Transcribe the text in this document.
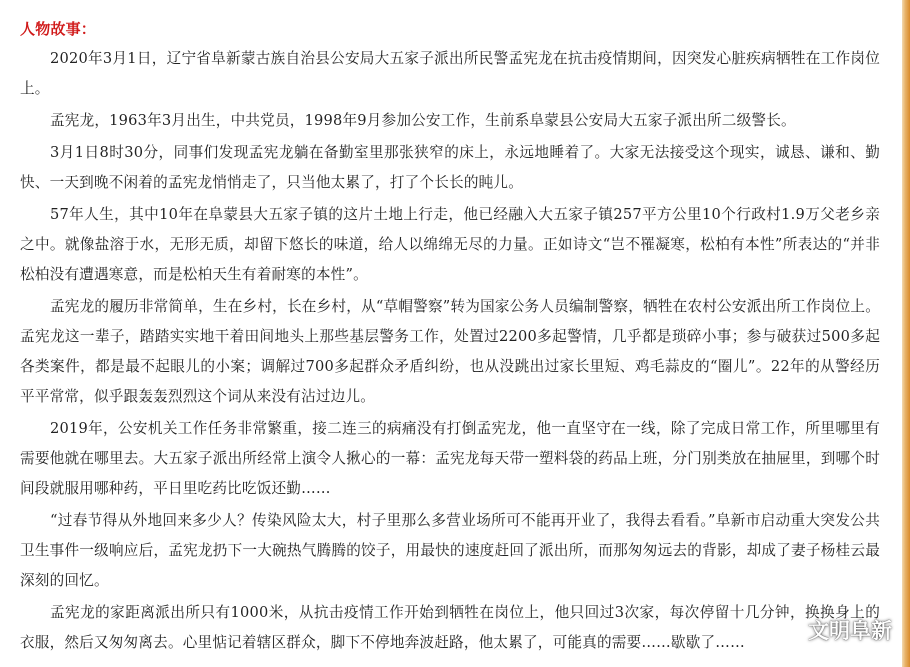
人物故事：

2020年3月1日，辽宁省阜新蒙古族自治县公安局大五家子派出所民警孟宪龙在抗击疫情期间，因突发心脏疾病牺牲在工作岗位上。

孟宪龙，1963年3月出生，中共党员，1998年9月参加公安工作，生前系阜蒙县公安局大五家子派出所二级警长。

3月1日8时30分，同事们发现孟宪龙躺在备勤室里那张狭窄的床上，永远地睡着了。大家无法接受这个现实，诚恳、谦和、勤快、一天到晚不闲着的孟宪龙悄悄走了，只当他太累了，打了个长长的盹儿。

57年人生，其中10年在阜蒙县大五家子镇的这片土地上行走，他已经融入大五家子镇257平方公里10个行政村1.9万父老乡亲之中。就像盐溶于水，无形无质，却留下悠长的味道，给人以绵绵无尽的力量。正如诗文“岂不罹凝寒，松柏有本性”所表达的“并非松柏没有遭遇寒意，而是松柏天生有着耐寒的本性”。

孟宪龙的履历非常简单，生在乡村，长在乡村，从“草帽警察”转为国家公务人员编制警察，牺牲在农村公安派出所工作岗位上。孟宪龙这一辈子，踏踏实实地干着田间地头上那些基层警务工作，处置过2200多起警情，几乎都是琐碎小事；参与破获过500多起各类案件，都是最不起眼儿的小案；调解过700多起群众矛盾纠纷，也从没跳出过家长里短、鸡毛蒜皮的“圈儿”。22年的从警经历平平常常，似乎跟轰轰烈烈这个词从来没有沾过边儿。

2019年，公安机关工作任务非常繁重，接二连三的病痛没有打倒孟宪龙，他一直坚守在一线，除了完成日常工作，所里哪里有需要他就在哪里去。大五家子派出所经常上演令人揪心的一幕：孟宪龙每天带一塑料袋的药品上班，分门别类放在抽屉里，到哪个时间段就服用哪种药，平日里吃药比吃饭还勤……

“过春节得从外地回来多少人？传染风险太大，村子里那么多营业场所可不能再开业了，我得去看看。”阜新市启动重大突发公共卫生事件一级响应后，孟宪龙扔下一大碗热气腾腾的饺子，用最快的速度赶回了派出所，而那匆匆远去的背影，却成了妻子杨桂云最深刻的回忆。

孟宪龙的家距离派出所只有1000米，从抗击疫情工作开始到牺牲在岗位上，他只回过3次家，每次停留十几分钟，换换身上的衣服，然后又匆匆离去。心里惦记着辖区群众，脚下不停地奔波赶路，他太累了，可能真的需要……歇歇了……	文明阜新
